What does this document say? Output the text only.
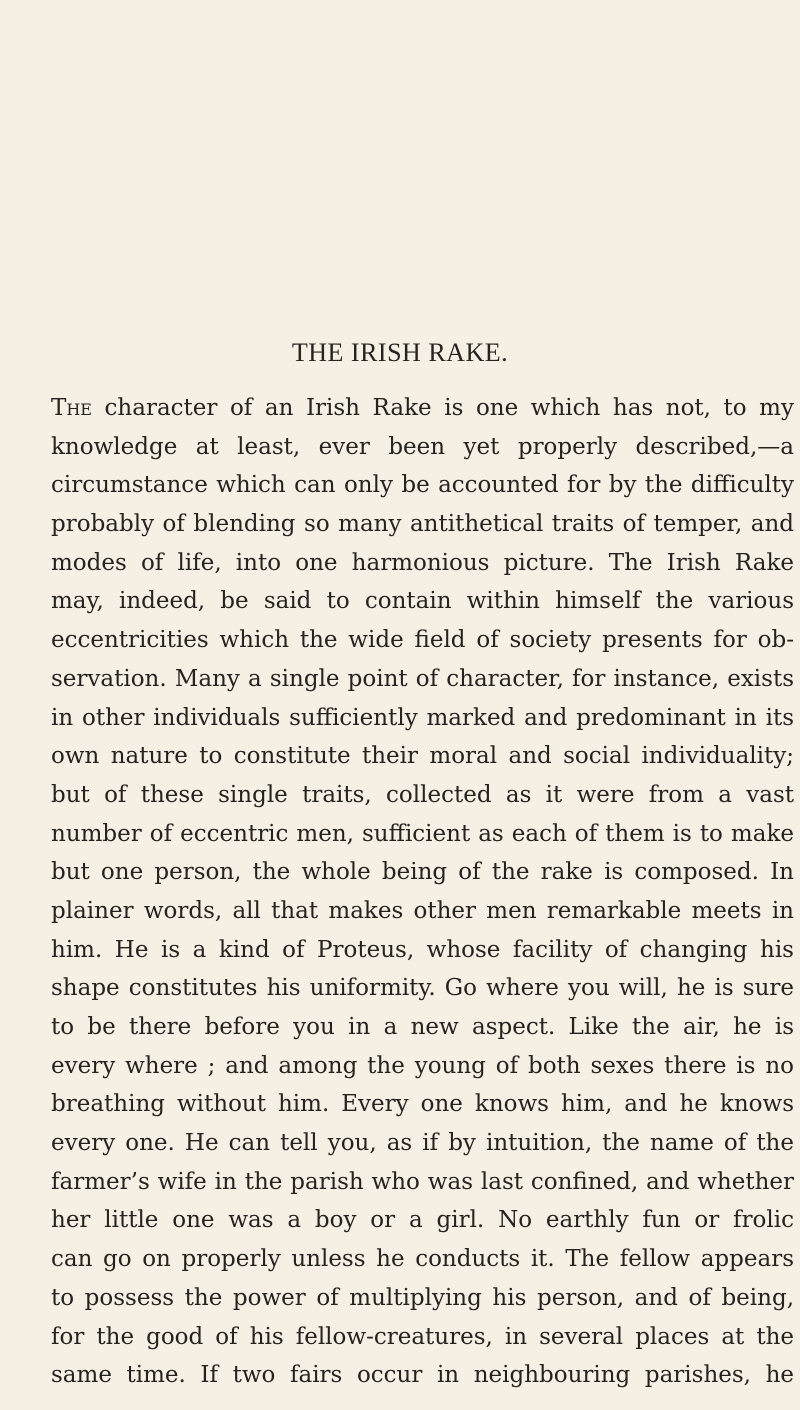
THE IRISH RAKE.
The character of an Irish Rake is one which has not, to my
knowledge at least, ever been yet properly described,—a
circumstance which can only be accounted for by the difficulty
probably of blending so many antithetical traits of temper, and
modes of life, into one harmonious picture. The Irish Rake
may, indeed, be said to contain within himself the various
eccentricities which the wide field of society presents for ob-
servation. Many a single point of character, for instance, exists
in other individuals sufficiently marked and predominant in its
own nature to constitute their moral and social individuality;
but of these single traits, collected as it were from a vast
number of eccentric men, sufficient as each of them is to make
but one person, the whole being of the rake is composed. In
plainer words, all that makes other men remarkable meets in
him. He is a kind of Proteus, whose facility of changing his
shape constitutes his uniformity. Go where you will, he is sure
to be there before you in a new aspect. Like the air, he is
every where ; and among the young of both sexes there is no
breathing without him. Every one knows him, and he knows
every one. He can tell you, as if by intuition, the name of the
farmer’s wife in the parish who was last confined, and whether
her little one was a boy or a girl. No earthly fun or frolic
can go on properly unless he conducts it. The fellow appears
to possess the power of multiplying his person, and of being,
for the good of his fellow-creatures, in several places at the
same time. If two fairs occur in neighbouring parishes, he
